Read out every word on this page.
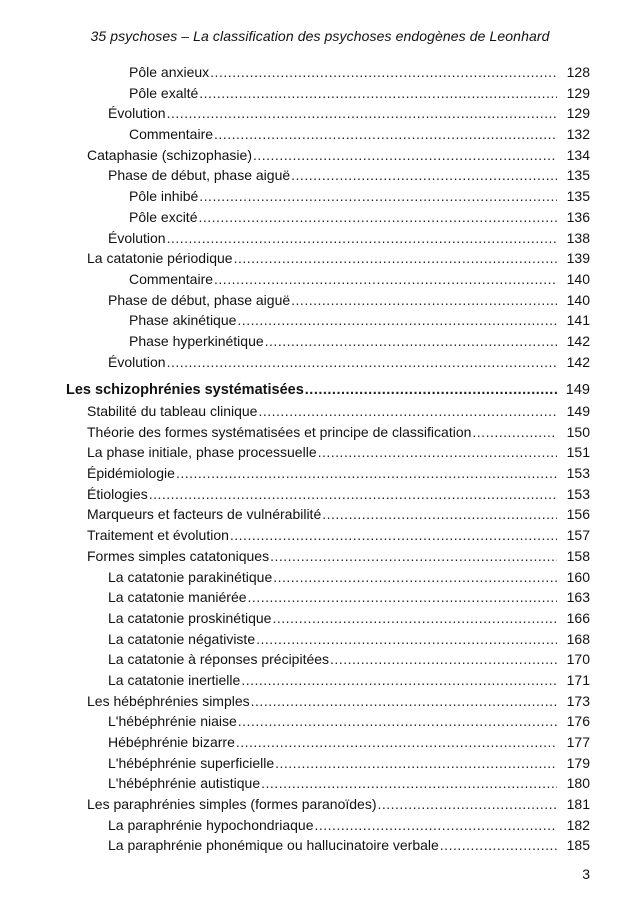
35 psychoses – La classification des psychoses endogènes de Leonhard
Pôle anxieux .....	128
Pôle exalté .....	129
Évolution .....	129
Commentaire .....	132
Cataphasie (schizophasie) .....	134
Phase de début, phase aiguë .....	135
Pôle inhibé .....	135
Pôle excité .....	136
Évolution .....	138
La catatonie périodique .....	139
Commentaire .....	140
Phase de début, phase aiguë .....	140
Phase akinétique .....	141
Phase hyperkinétique .....	142
Évolution .....	142
Les schizophrénies systématisées .....	149
Stabilité du tableau clinique .....	149
Théorie des formes systématisées et principe de classification .....	150
La phase initiale, phase processuelle .....	151
Épidémiologie .....	153
Étiologies .....	153
Marqueurs et facteurs de vulnérabilité .....	156
Traitement et évolution .....	157
Formes simples catatoniques .....	158
La catatonie parakinétique .....	160
La catatonie maniérée .....	163
La catatonie proskinétique .....	166
La catatonie négativiste .....	168
La catatonie à réponses précipitées .....	170
La catatonie inertielle .....	171
Les hébéphrénies simples .....	173
L'hébéphrénie niaise .....	176
Hébéphrénie bizarre .....	177
L'hébéphrénie superficielle .....	179
L'hébéphrénie autistique .....	180
Les paraphrénies simples (formes paranoïdes) .....	181
La paraphrénie hypochondriaque .....	182
La paraphrénie phonémique ou hallucinatoire verbale .....	185
3
